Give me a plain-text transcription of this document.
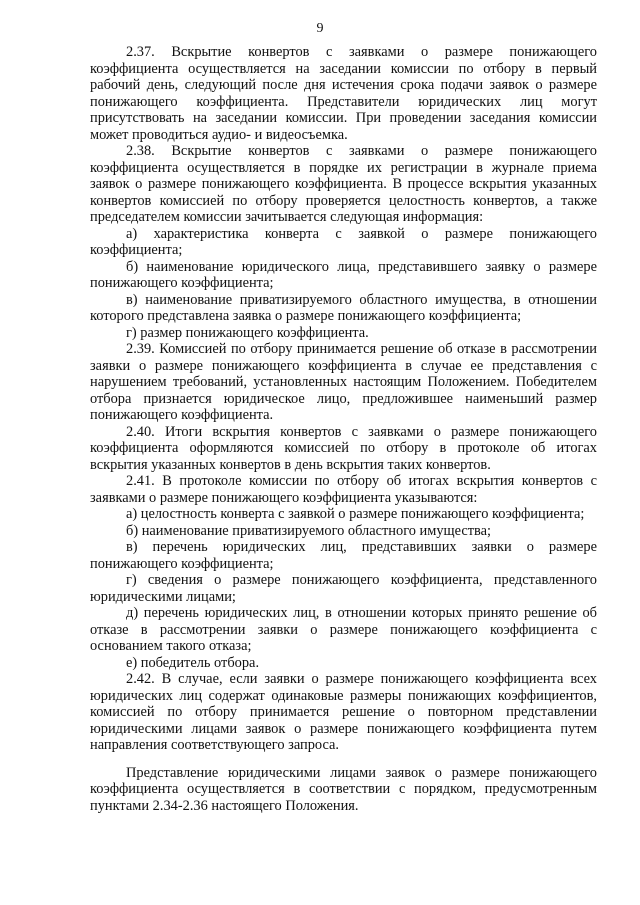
9

2.37. Вскрытие конвертов с заявками о размере понижающего коэффициента осуществляется на заседании комиссии по отбору в первый рабочий день, следующий после дня истечения срока подачи заявок о размере понижающего коэффициента. Представители юридических лиц могут присутствовать на заседании комиссии. При проведении заседания комиссии может проводиться аудио- и видеосъемка.

2.38. Вскрытие конвертов с заявками о размере понижающего коэффициента осуществляется в порядке их регистрации в журнале приема заявок о размере понижающего коэффициента. В процессе вскрытия указанных конвертов комиссией по отбору проверяется целостность конвертов, а также председателем комиссии зачитывается следующая информация:

а) характеристика конверта с заявкой о размере понижающего коэффициента;

б) наименование юридического лица, представившего заявку о размере понижающего коэффициента;

в) наименование приватизируемого областного имущества, в отношении которого представлена заявка о размере понижающего коэффициента;

г) размер понижающего коэффициента.

2.39. Комиссией по отбору принимается решение об отказе в рассмотрении заявки о размере понижающего коэффициента в случае ее представления с нарушением требований, установленных настоящим Положением. Победителем отбора признается юридическое лицо, предложившее наименьший размер понижающего коэффициента.

2.40. Итоги вскрытия конвертов с заявками о размере понижающего коэффициента оформляются комиссией по отбору в протоколе об итогах вскрытия указанных конвертов в день вскрытия таких конвертов.

2.41. В протоколе комиссии по отбору об итогах вскрытия конвертов с заявками о размере понижающего коэффициента указываются:

а) целостность конверта с заявкой о размере понижающего коэффициента;

б) наименование приватизируемого областного имущества;

в) перечень юридических лиц, представивших заявки о размере понижающего коэффициента;

г) сведения о размере понижающего коэффициента, представленного юридическими лицами;

д) перечень юридических лиц, в отношении которых принято решение об отказе в рассмотрении заявки о размере понижающего коэффициента с основанием такого отказа;

е) победитель отбора.

2.42. В случае, если заявки о размере понижающего коэффициента всех юридических лиц содержат одинаковые размеры понижающих коэффициентов, комиссией по отбору принимается решение о повторном представлении юридическими лицами заявок о размере понижающего коэффициента путем направления соответствующего запроса.

Представление юридическими лицами заявок о размере понижающего коэффициента осуществляется в соответствии с порядком, предусмотренным пунктами 2.34-2.36 настоящего Положения.
